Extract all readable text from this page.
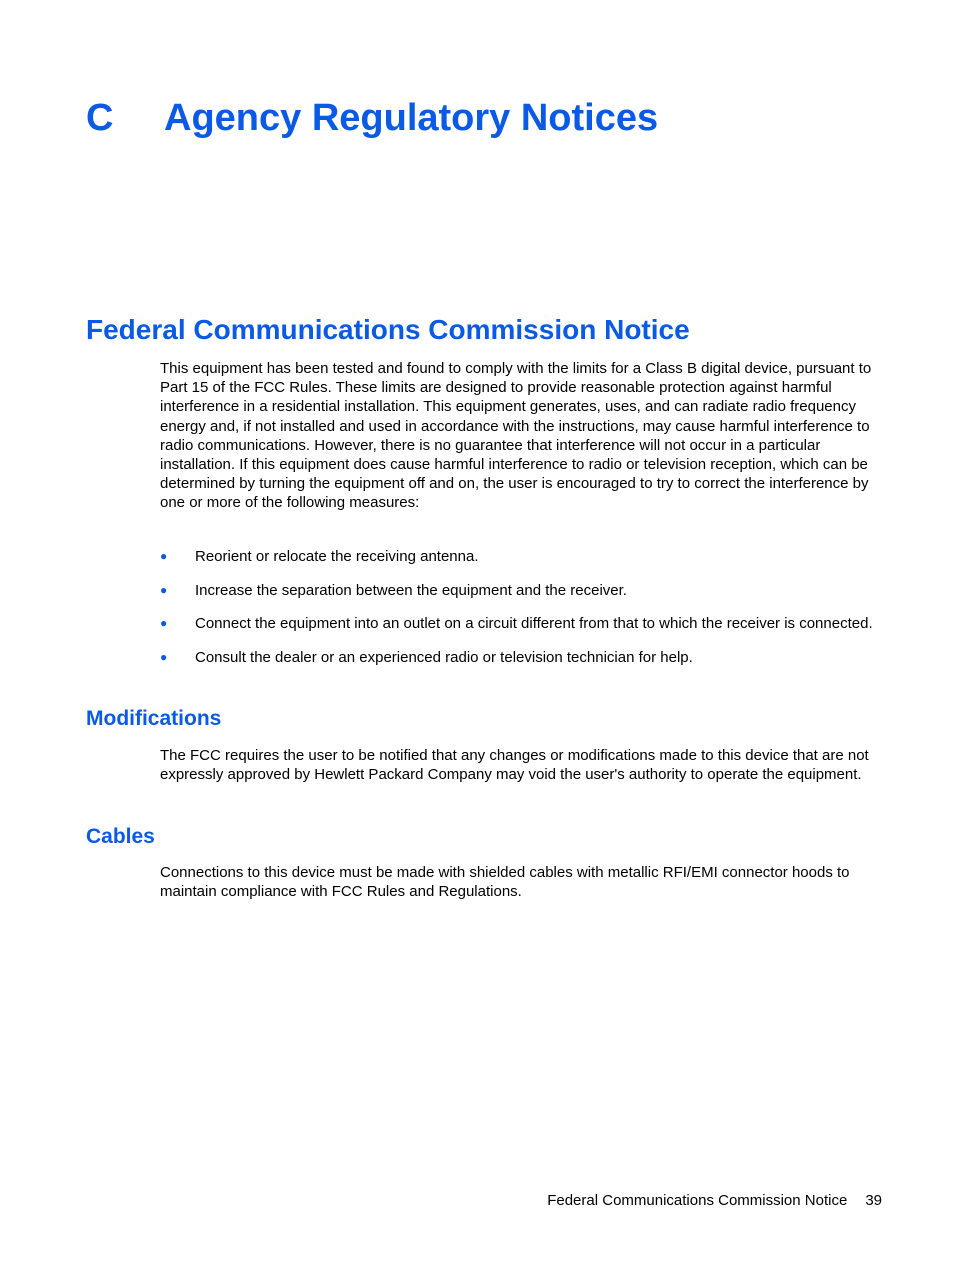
C Agency Regulatory Notices
Federal Communications Commission Notice

This equipment has been tested and found to comply with the limits for a Class B digital device, pursuant to Part 15 of the FCC Rules. These limits are designed to provide reasonable protection against harmful interference in a residential installation. This equipment generates, uses, and can radiate radio frequency energy and, if not installed and used in accordance with the instructions, may cause harmful interference to radio communications. However, there is no guarantee that interference will not occur in a particular installation. If this equipment does cause harmful interference to radio or television reception, which can be determined by turning the equipment off and on, the user is encouraged to try to correct the interference by one or more of the following measures:

● Reorient or relocate the receiving antenna.
● Increase the separation between the equipment and the receiver.
● Connect the equipment into an outlet on a circuit different from that to which the receiver is connected.
● Consult the dealer or an experienced radio or television technician for help.
Modifications

The FCC requires the user to be notified that any changes or modifications made to this device that are not expressly approved by Hewlett Packard Company may void the user's authority to operate the equipment.

Cables

Connections to this device must be made with shielded cables with metallic RFI/EMI connector hoods to maintain compliance with FCC Rules and Regulations.

Federal Communications Commission Notice 39
